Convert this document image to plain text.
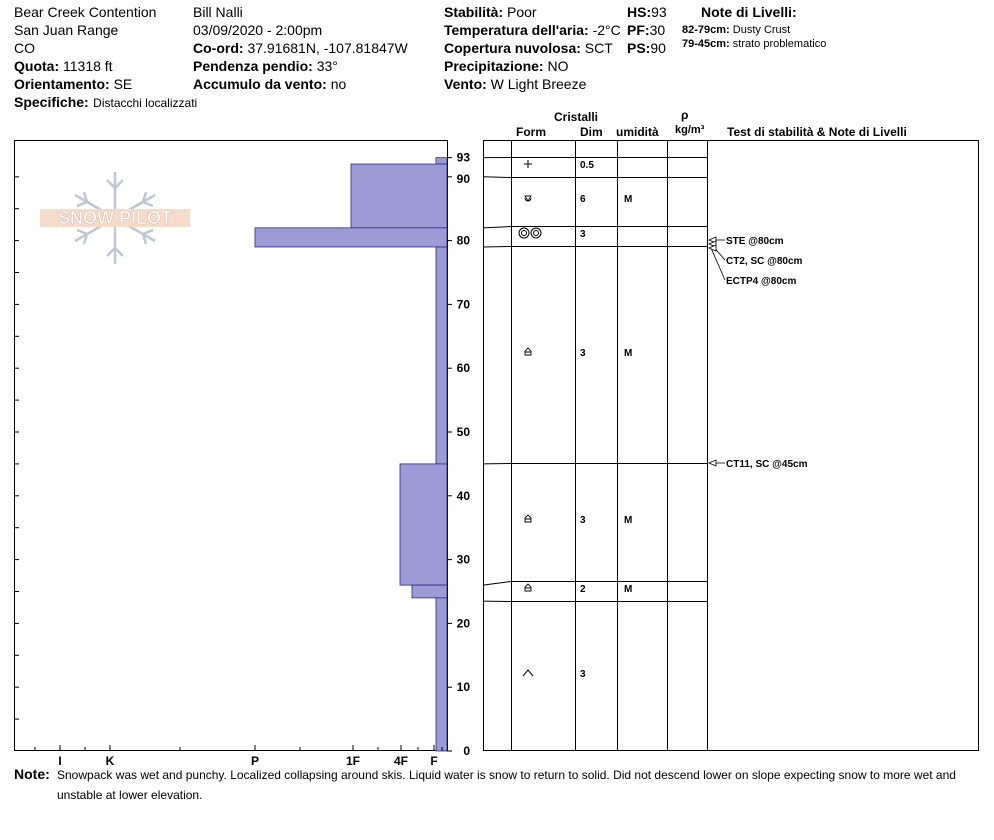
Bear Creek Contention
San Juan Range
CO
Quota: 11318 ft
Orientamento: SE
Specifiche: Distacchi localizzati
Bill Nalli
03/09/2020 - 2:00pm
Co-ord: 37.91681N, -107.81847W
Pendenza pendio: 33°
Accumulo da vento: no
Stabilità: Poor
Temperatura dell'aria: -2°C
Copertura nuvolosa: SCT
Precipitazione: NO
Vento: W Light Breeze
HS:93
PF:30
PS:90
Note di Livelli:
82-79cm: Dusty Crust
79-45cm: strato problematico
Cristalli
Form	Dim umidità
ρ
kg/m³ Test di stabilità & Note di Livelli
SNOW PILOT
I	K	P	1F	4F F
0
10
20
30
40
50
60
70
80
90
93
0.5
6	M
3
3	M
3	M
2	M
3
STE @80cm
CT2, SC @80cm
ECTP4 @80cm
CT11, SC @45cm
Note: Snowpack was wet and punchy. Localized collapsing around skis. Liquid water is snow to return to solid. Did not descend lower on slope expecting snow to more wet and unstable at lower elevation.
